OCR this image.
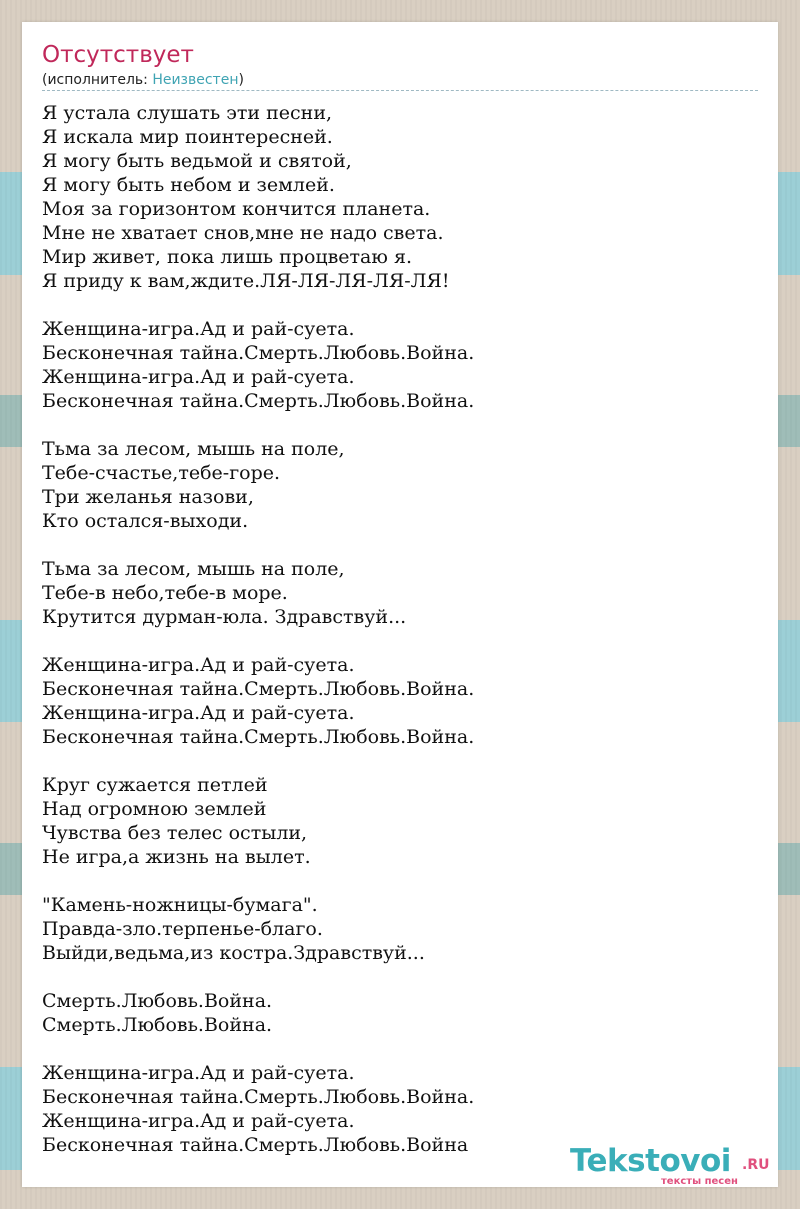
Отсутствует
(исполнитель: Неизвестен)
Я устала слушать эти песни,
Я искала мир поинтересней.
Я могу быть ведьмой и святой,
Я могу быть небом и землей.
Моя за горизонтом кончится планета.
Мне не хватает снов,мне не надо света.
Мир живет, пока лишь процветаю я.
Я приду к вам,ждите.ЛЯ-ЛЯ-ЛЯ-ЛЯ-ЛЯ!

Женщина-игра.Ад и рай-суета.
Бесконечная тайна.Смерть.Любовь.Война.
Женщина-игра.Ад и рай-суета.
Бесконечная тайна.Смерть.Любовь.Война.

Тьма за лесом, мышь на поле,
Тебе-счастье,тебе-горе.
Три желанья назови,
Кто остался-выходи.

Тьма за лесом, мышь на поле,
Тебе-в небо,тебе-в море.
Крутится дурман-юла. Здравствуй...

Женщина-игра.Ад и рай-суета.
Бесконечная тайна.Смерть.Любовь.Война.
Женщина-игра.Ад и рай-суета.
Бесконечная тайна.Смерть.Любовь.Война.

Круг сужается петлей
Над огромною землей
Чувства без телес остыли,
Не игра,а жизнь на вылет.

"Камень-ножницы-бумага".
Правда-зло.терпенье-благо.
Выйди,ведьма,из костра.Здравствуй...

Смерть.Любовь.Война.
Смерть.Любовь.Война.

Женщина-игра.Ад и рай-суета.
Бесконечная тайна.Смерть.Любовь.Война.
Женщина-игра.Ад и рай-суета.
Бесконечная тайна.Смерть.Любовь.Война	Tekstovoi .RU
тексты песен
